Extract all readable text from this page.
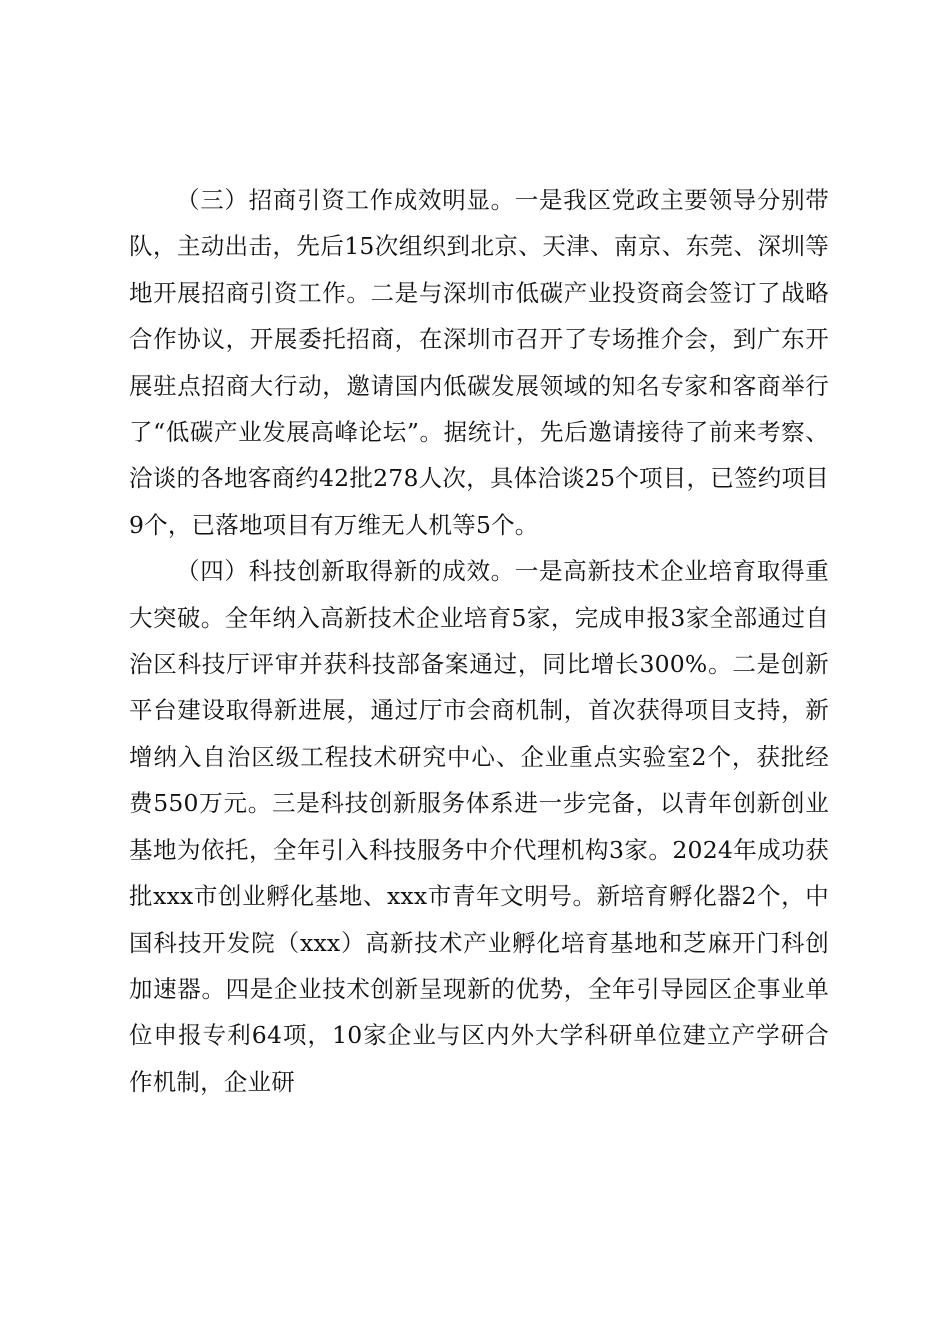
（三）招商引资工作成效明显。一是我区党政主要领导分别带队，主动出击，先后15次组织到北京、天津、南京、东莞、深圳等地开展招商引资工作。二是与深圳市低碳产业投资商会签订了战略合作协议，开展委托招商，在深圳市召开了专场推介会，到广东开展驻点招商大行动，邀请国内低碳发展领域的知名专家和客商举行了“低碳产业发展高峰论坛”。据统计，先后邀请接待了前来考察、洽谈的各地客商约42批278人次，具体洽谈25个项目，已签约项目9个，已落地项目有万维无人机等5个。

（四）科技创新取得新的成效。一是高新技术企业培育取得重大突破。全年纳入高新技术企业培育5家，完成申报3家全部通过自治区科技厅评审并获科技部备案通过，同比增长300%。二是创新平台建设取得新进展，通过厅市会商机制，首次获得项目支持，新增纳入自治区级工程技术研究中心、企业重点实验室2个，获批经费550万元。三是科技创新服务体系进一步完备，以青年创新创业基地为依托，全年引入科技服务中介代理机构3家。2024年成功获批xxx市创业孵化基地、xxx市青年文明号。新培育孵化器2个，中国科技开发院（xxx）高新技术产业孵化培育基地和芝麻开门科创加速器。四是企业技术创新呈现新的优势，全年引导园区企事业单位申报专利64项，10家企业与区内外大学科研单位建立产学研合作机制，企业研
